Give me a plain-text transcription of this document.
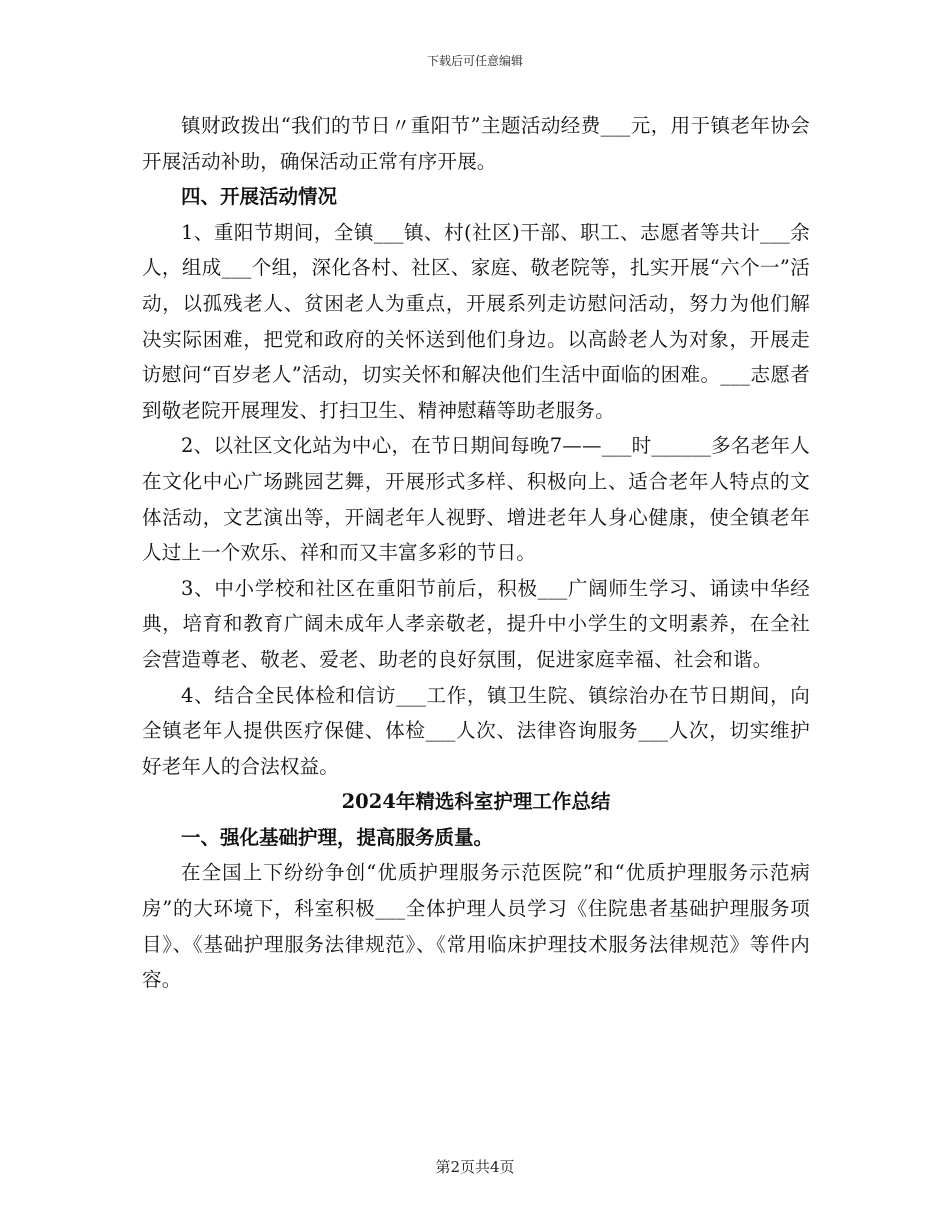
下载后可任意编辑

镇财政拨出“我们的节日〃重阳节”主题活动经费___元，用于镇老年协会开展活动补助，确保活动正常有序开展。

四、开展活动情况

1、重阳节期间，全镇___镇、村(社区)干部、职工、志愿者等共计___余人，组成___个组，深化各村、社区、家庭、敬老院等，扎实开展“六个一”活动，以孤残老人、贫困老人为重点，开展系列走访慰问活动，努力为他们解决实际困难，把党和政府的关怀送到他们身边。以高龄老人为对象，开展走访慰问“百岁老人”活动，切实关怀和解决他们生活中面临的困难。___志愿者到敬老院开展理发、打扫卫生、精神慰藉等助老服务。

2、以社区文化站为中心，在节日期间每晚7——___时______多名老年人在文化中心广场跳园艺舞，开展形式多样、积极向上、适合老年人特点的文体活动，文艺演出等，开阔老年人视野、增进老年人身心健康，使全镇老年人过上一个欢乐、祥和而又丰富多彩的节日。

3、中小学校和社区在重阳节前后，积极___广阔师生学习、诵读中华经典，培育和教育广阔未成年人孝亲敬老，提升中小学生的文明素养，在全社会营造尊老、敬老、爱老、助老的良好氛围，促进家庭幸福、社会和谐。

4、结合全民体检和信访___工作，镇卫生院、镇综治办在节日期间，向全镇老年人提供医疗保健、体检___人次、法律咨询服务___人次，切实维护好老年人的合法权益。

2024年精选科室护理工作总结

一、强化基础护理，提高服务质量。

在全国上下纷纷争创“优质护理服务示范医院”和“优质护理服务示范病房”的大环境下，科室积极___全体护理人员学习《住院患者基础护理服务项目》、《基础护理服务法律规范》、《常用临床护理技术服务法律规范》等件内容。

第2页共4页
